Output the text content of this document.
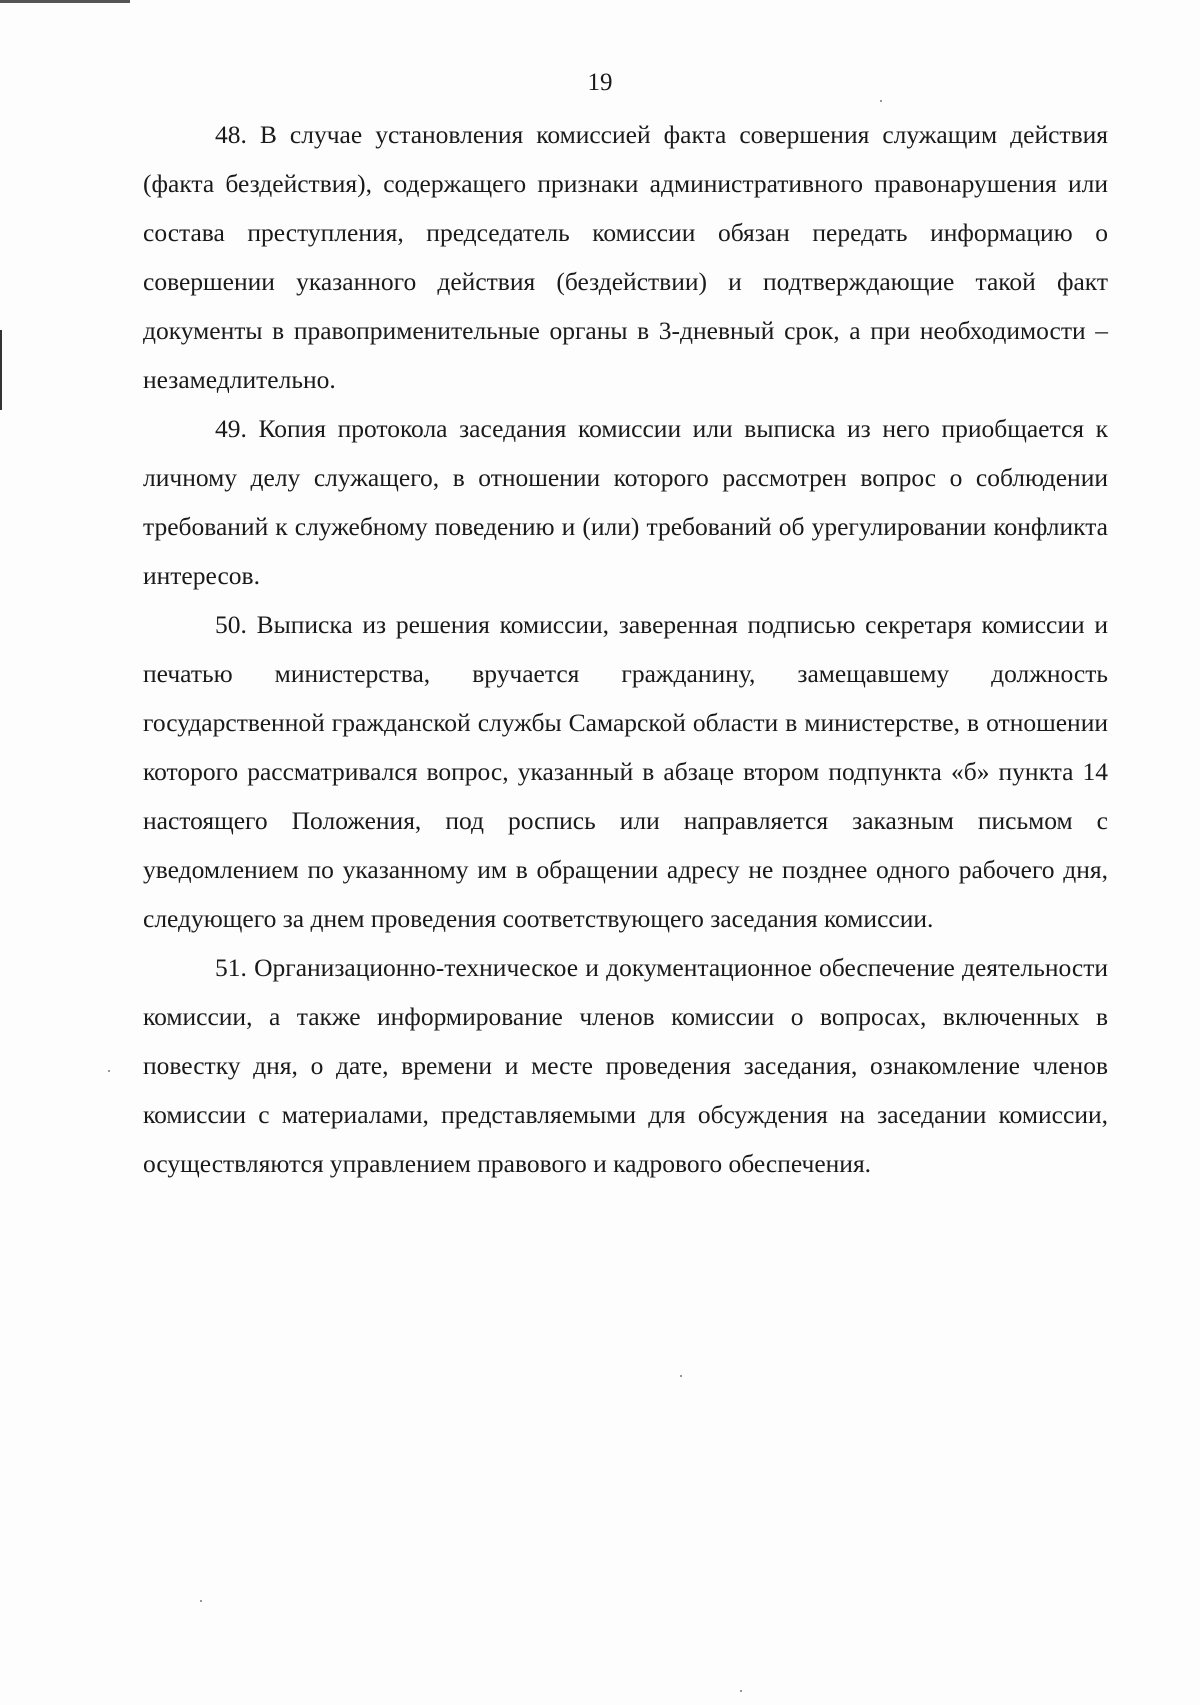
19

48. В случае установления комиссией факта совершения служащим действия (факта бездействия), содержащего признаки административного правонарушения или состава преступления, председатель комиссии обязан передать информацию о совершении указанного действия (бездействии) и подтверждающие такой факт документы в правоприменительные органы в 3-дневный срок, а при необходимости – незамедлительно.

49. Копия протокола заседания комиссии или выписка из него приобщается к личному делу служащего, в отношении которого рассмотрен вопрос о соблюдении требований к служебному поведению и (или) требований об урегулировании конфликта интересов.

50. Выписка из решения комиссии, заверенная подписью секретаря комиссии и печатью министерства, вручается гражданину, замещавшему должность государственной гражданской службы Самарской области в министерстве, в отношении которого рассматривался вопрос, указанный в абзаце втором подпункта «б» пункта 14 настоящего Положения, под роспись или направляется заказным письмом с уведомлением по указанному им в обращении адресу не позднее одного рабочего дня, следующего за днем проведения соответствующего заседания комиссии.

51. Организационно-техническое и документационное обеспечение деятельности комиссии, а также информирование членов комиссии о вопросах, включенных в повестку дня, о дате, времени и месте проведения заседания, ознакомление членов комиссии с материалами, представляемыми для обсуждения на заседании комиссии, осуществляются управлением правового и кадрового обеспечения.
